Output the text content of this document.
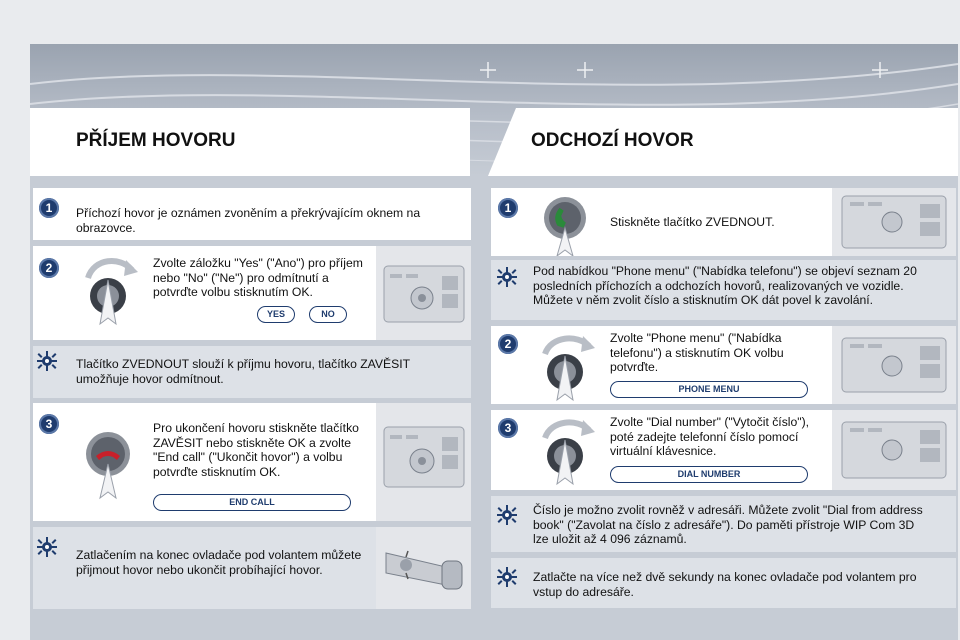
PŘÍJEM HOVORU	ODCHOZÍ HOVOR
1	Příchozí hovor je oznámen zvoněním a překrývajícím oknem na obrazovce.
2	Zvolte záložku "Yes" ("Ano") pro příjem nebo "No" ("Ne") pro odmítnutí a potvrďte volbu stisknutím OK.
YES	NO
Tlačítko ZVEDNOUT slouží k příjmu hovoru, tlačítko ZAVĚSIT umožňuje hovor odmítnout.
3	Pro ukončení hovoru stiskněte tlačítko ZAVĚSIT nebo stiskněte OK a zvolte "End call" ("Ukončit hovor") a volbu potvrďte stisknutím OK.
END CALL
Zatlačením na konec ovladače pod volantem můžete přijmout hovor nebo ukončit probíhající hovor.
1
Stiskněte tlačítko ZVEDNOUT.
Pod nabídkou "Phone menu" ("Nabídka telefonu") se objeví seznam 20 posledních příchozích a odchozích hovorů, realizovaných ve vozidle. Můžete v něm zvolit číslo a stisknutím OK dát povel k zavolání.
2	Zvolte "Phone menu" ("Nabídka telefonu") a stisknutím OK volbu potvrďte.
PHONE MENU
3	Zvolte "Dial number" ("Vytočit číslo"), poté zadejte telefonní číslo pomocí virtuální klávesnice.
DIAL NUMBER
Číslo je možno zvolit rovněž v adresáři. Můžete zvolit "Dial from address book" ("Zavolat na číslo z adresáře"). Do paměti přístroje WIP Com 3D lze uložit až 4 096 záznamů.
Zatlačte na více než dvě sekundy na konec ovladače pod volantem pro vstup do adresáře.
